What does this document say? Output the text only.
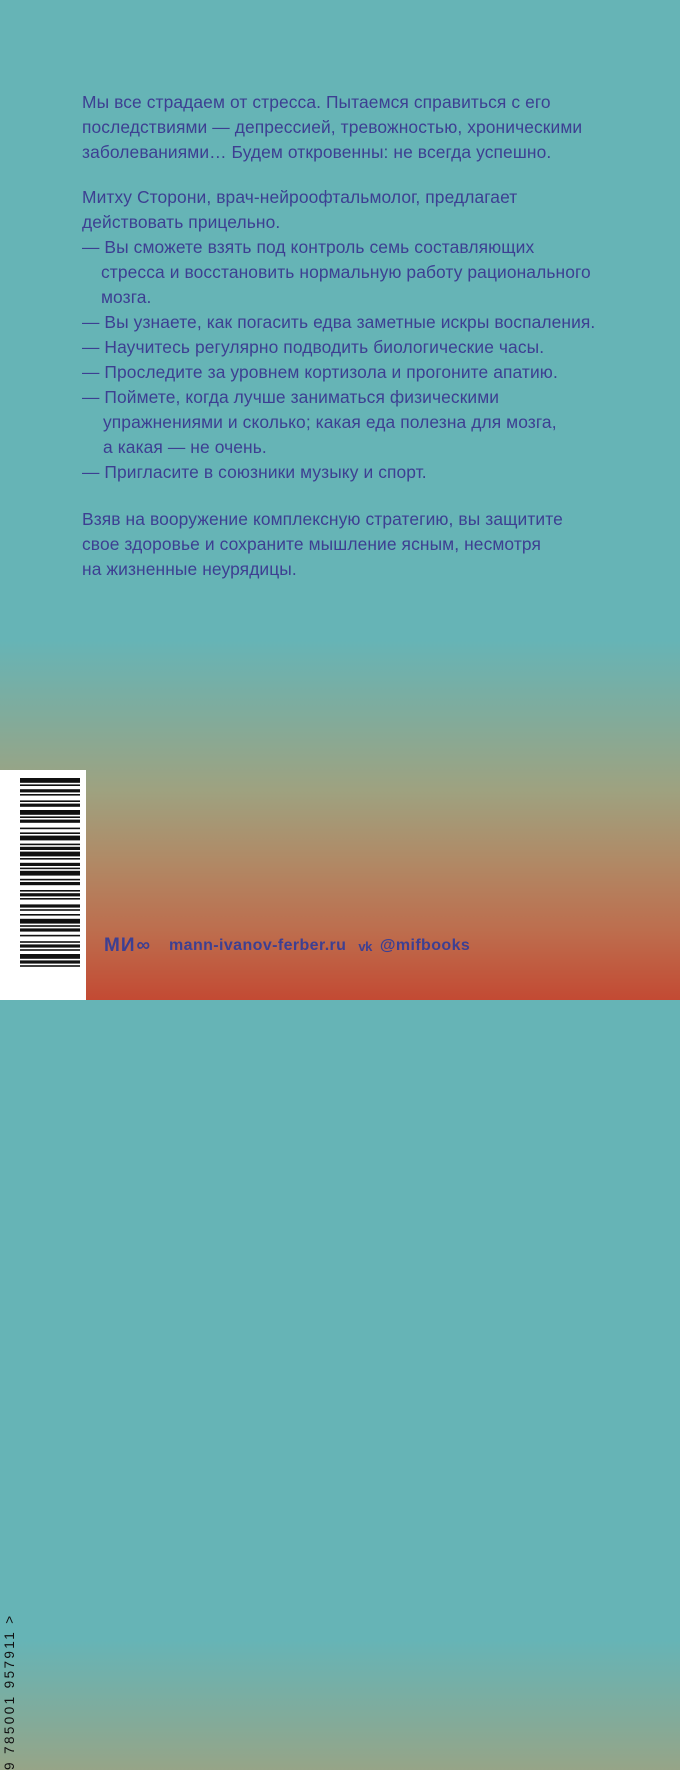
Мы все страдаем от стресса. Пытаемся справиться с его
последствиями — депрессией, тревожностью, хроническими
заболеваниями… Будем откровенны: не всегда успешно.

Митху Сторони, врач-нейроофтальмолог, предлагает
действовать прицельно.
— Вы сможете взять под контроль семь составляющих
стресса и восстановить нормальную работу рационального
мозга.
— Вы узнаете, как погасить едва заметные искры воспаления.
— Научитесь регулярно подводить биологические часы.
— Проследите за уровнем кортизола и прогоните апатию.
— Поймете, когда лучше заниматься физическими
упражнениями и сколько; какая еда полезна для мозга,
а какая — не очень.
— Пригласите в союзники музыку и спорт.

Взяв на вооружение комплексную стратегию, вы защитите
свое здоровье и сохраните мышление ясным, несмотря
на жизненные неурядицы.

9 785001 957911 >
МИ ∞ mann-ivanov-ferber.ru vk @mifbooks
